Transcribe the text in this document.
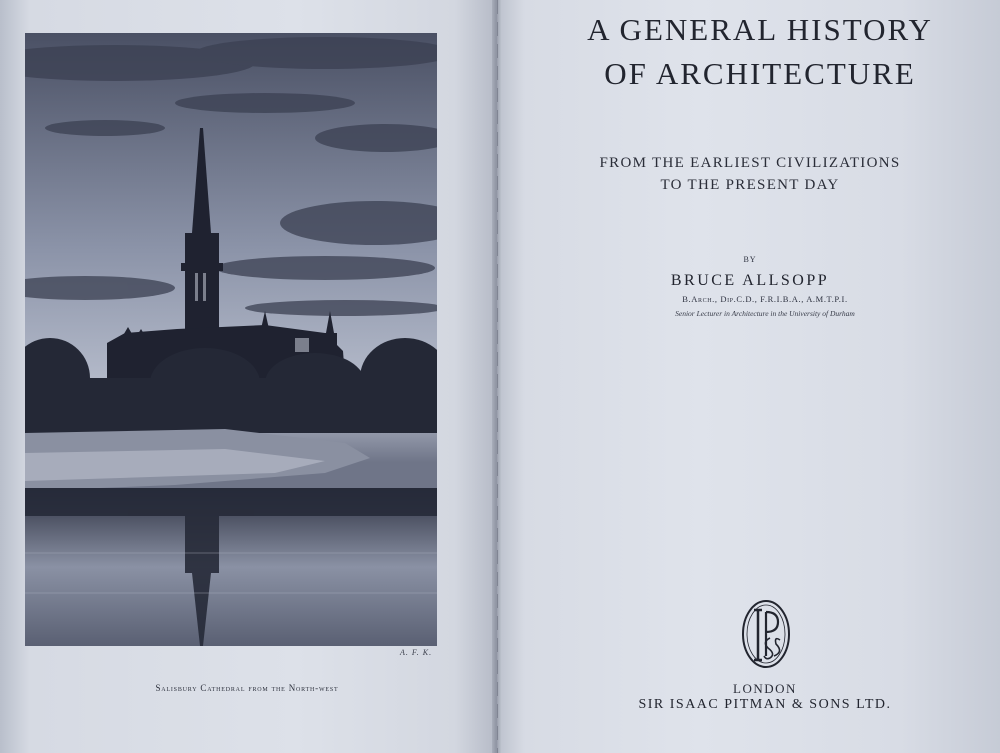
A. F. K.
Salisbury Cathedral from the North-west
A GENERAL HISTORY
OF ARCHITECTURE
FROM THE EARLIEST CIVILIZATIONS
TO THE PRESENT DAY
BY
BRUCE ALLSOPP
B.Arch., Dip.C.D., F.R.I.B.A., A.M.T.P.I.
Senior Lecturer in Architecture in the University of Durham
LONDON
SIR ISAAC PITMAN & SONS LTD.
